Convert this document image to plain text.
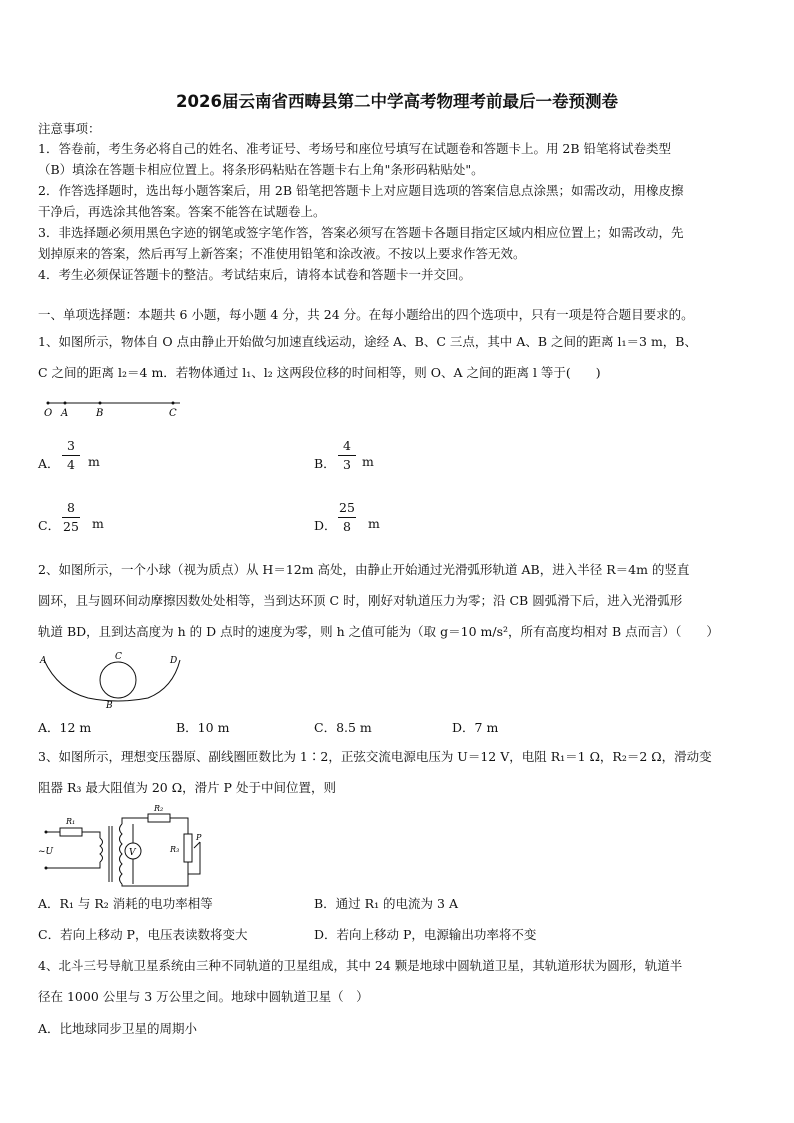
2026届云南省西畴县第二中学高考物理考前最后一卷预测卷
注意事项：
1．答卷前，考生务必将自己的姓名、准考证号、考场号和座位号填写在试题卷和答题卡上。用 2B 铅笔将试卷类型
（B）填涂在答题卡相应位置上。将条形码粘贴在答题卡右上角"条形码粘贴处"。
2．作答选择题时，选出每小题答案后，用 2B 铅笔把答题卡上对应题目选项的答案信息点涂黑；如需改动，用橡皮擦
干净后，再选涂其他答案。答案不能答在试题卷上。
3．非选择题必须用黑色字迹的钢笔或签字笔作答，答案必须写在答题卡各题目指定区域内相应位置上；如需改动，先
划掉原来的答案，然后再写上新答案；不准使用铅笔和涂改液。不按以上要求作答无效。
4．考生必须保证答题卡的整洁。考试结束后，请将本试卷和答题卡一并交回。
一、单项选择题：本题共 6 小题，每小题 4 分，共 24 分。在每小题给出的四个选项中，只有一项是符合题目要求的。
1、如图所示，物体自 O 点由静止开始做匀加速直线运动，途经 A、B、C 三点，其中 A、B 之间的距离 l₁＝3 m，B、
C 之间的距离 l₂＝4 m．若物体通过 l₁、l₂ 这两段位移的时间相等，则 O、A 之间的距离 l 等于(　　)
O A	B	C
A．
3
4 m	B．
4
3 m
C．
8
25 m	D．
25
8 m
2、如图所示，一个小球（视为质点）从 H＝12m 高处，由静止开始通过光滑弧形轨道 AB，进入半径 R＝4m 的竖直
圆环，且与圆环间动摩擦因数处处相等，当到达环顶 C 时，刚好对轨道压力为零；沿 CB 圆弧滑下后，进入光滑弧形
轨道 BD，且到达高度为 h 的 D 点时的速度为零，则 h 之值可能为（取 g＝10 m/s²，所有高度均相对 B 点而言）（　　）
A	C	D
B
A．12 m	B．10 m	C．8.5 m	D．7 m
3、如图所示，理想变压器原、副线圈匝数比为 1∶2，正弦交流电源电压为 U＝12 V，电阻 R₁＝1 Ω，R₂＝2 Ω，滑动变
阻器 R₃ 最大阻值为 20 Ω，滑片 P 处于中间位置，则
V
R₁
R₂
R₃
P
~U
A．R₁ 与 R₂ 消耗的电功率相等	B．通过 R₁ 的电流为 3 A
C．若向上移动 P，电压表读数将变大	D．若向上移动 P，电源输出功率将不变
4、北斗三号导航卫星系统由三种不同轨道的卫星组成，其中 24 颗是地球中圆轨道卫星，其轨道形状为圆形，轨道半
径在 1000 公里与 3 万公里之间。地球中圆轨道卫星（　）
A．比地球同步卫星的周期小
